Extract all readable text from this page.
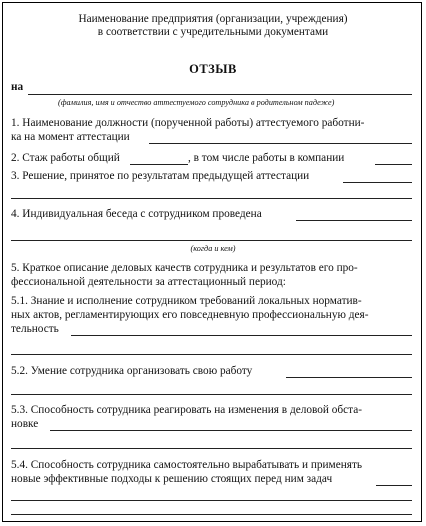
Наименование предприятия (организации, учреждения)
в соответствии с учредительными документами
ОТЗЫВ
на
(фамилия, имя и отчество аттестуемого сотрудника в родительном падеже)
1. Наименование должности (порученной работы) аттестуемого работни-
ка на момент аттестации
2. Стаж работы общий	, в том числе работы в компании
3. Решение, принятое по результатам предыдущей аттестации
4. Индивидуальная беседа с сотрудником проведена
(когда и кем)
5. Краткое описание деловых качеств сотрудника и результатов его про-
фессиональной деятельности за аттестационный период:
5.1. Знание и исполнение сотрудником требований локальных норматив-
ных актов, регламентирующих его повседневную профессиональную дея-
тельность
5.2. Умение сотрудника организовать свою работу
5.3. Способность сотрудника реагировать на изменения в деловой обста-
новке
5.4. Способность сотрудника самостоятельно вырабатывать и применять
новые эффективные подходы к решению стоящих перед ним задач
